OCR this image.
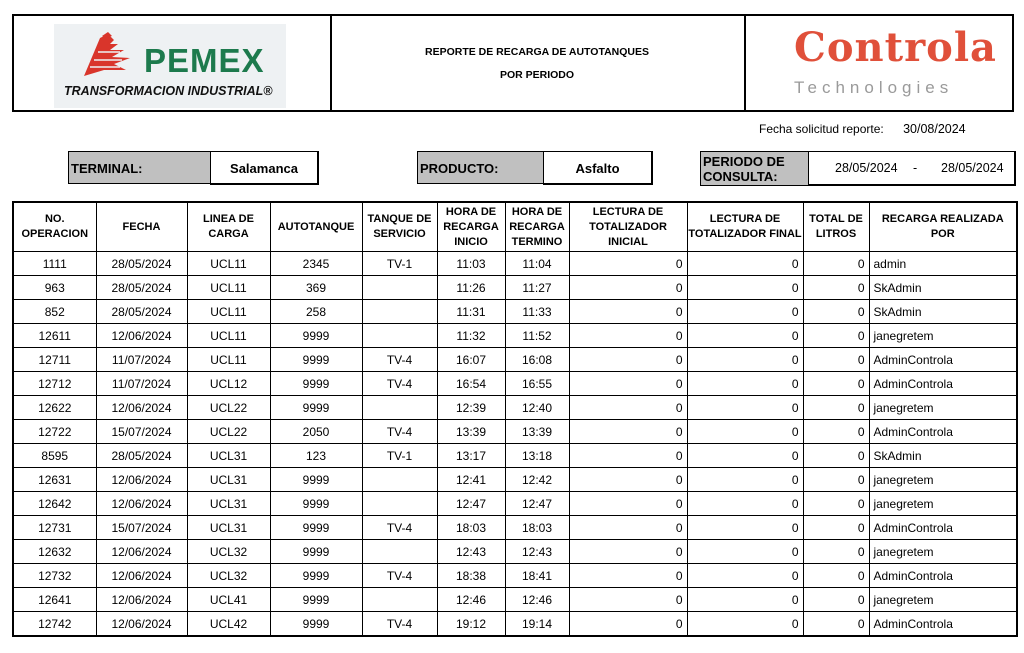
PEMEX
TRANSFORMACION INDUSTRIAL®
REPORTE DE RECARGA DE AUTOTANQUES
POR PERIODO
Controla
Technologies
Fecha solicitud reporte: 30/08/2024
TERMINAL:	Salamanca	PRODUCTO:	Asfalto	PERIODO DE CONSULTA:
28/05/2024 - 28/05/2024
NO. OPERACION	FECHA	LINEA DE CARGA	AUTOTANQUE	TANQUE DE SERVICIO	HORA DE RECARGA INICIO	HORA DE RECARGA TERMINO	LECTURA DE TOTALIZADOR INICIAL	LECTURA DE TOTALIZADOR FINAL	TOTAL DE LITROS	RECARGA REALIZADA POR
1111	28/05/2024	UCL11	2345	TV-1	11:03	11:04	0	0	0	admin
963	28/05/2024	UCL11	369		11:26	11:27	0	0	0	SkAdmin
852	28/05/2024	UCL11	258		11:31	11:33	0	0	0	SkAdmin
12611	12/06/2024	UCL11	9999		11:32	11:52	0	0	0	janegretem
12711	11/07/2024	UCL11	9999	TV-4	16:07	16:08	0	0	0	AdminControla
12712	11/07/2024	UCL12	9999	TV-4	16:54	16:55	0	0	0	AdminControla
12622	12/06/2024	UCL22	9999		12:39	12:40	0	0	0	janegretem
12722	15/07/2024	UCL22	2050	TV-4	13:39	13:39	0	0	0	AdminControla
8595	28/05/2024	UCL31	123	TV-1	13:17	13:18	0	0	0	SkAdmin
12631	12/06/2024	UCL31	9999		12:41	12:42	0	0	0	janegretem
12642	12/06/2024	UCL31	9999		12:47	12:47	0	0	0	janegretem
12731	15/07/2024	UCL31	9999	TV-4	18:03	18:03	0	0	0	AdminControla
12632	12/06/2024	UCL32	9999		12:43	12:43	0	0	0	janegretem
12732	12/06/2024	UCL32	9999	TV-4	18:38	18:41	0	0	0	AdminControla
12641	12/06/2024	UCL41	9999		12:46	12:46	0	0	0	janegretem
12742	12/06/2024	UCL42	9999	TV-4	19:12	19:14	0	0	0	AdminControla
